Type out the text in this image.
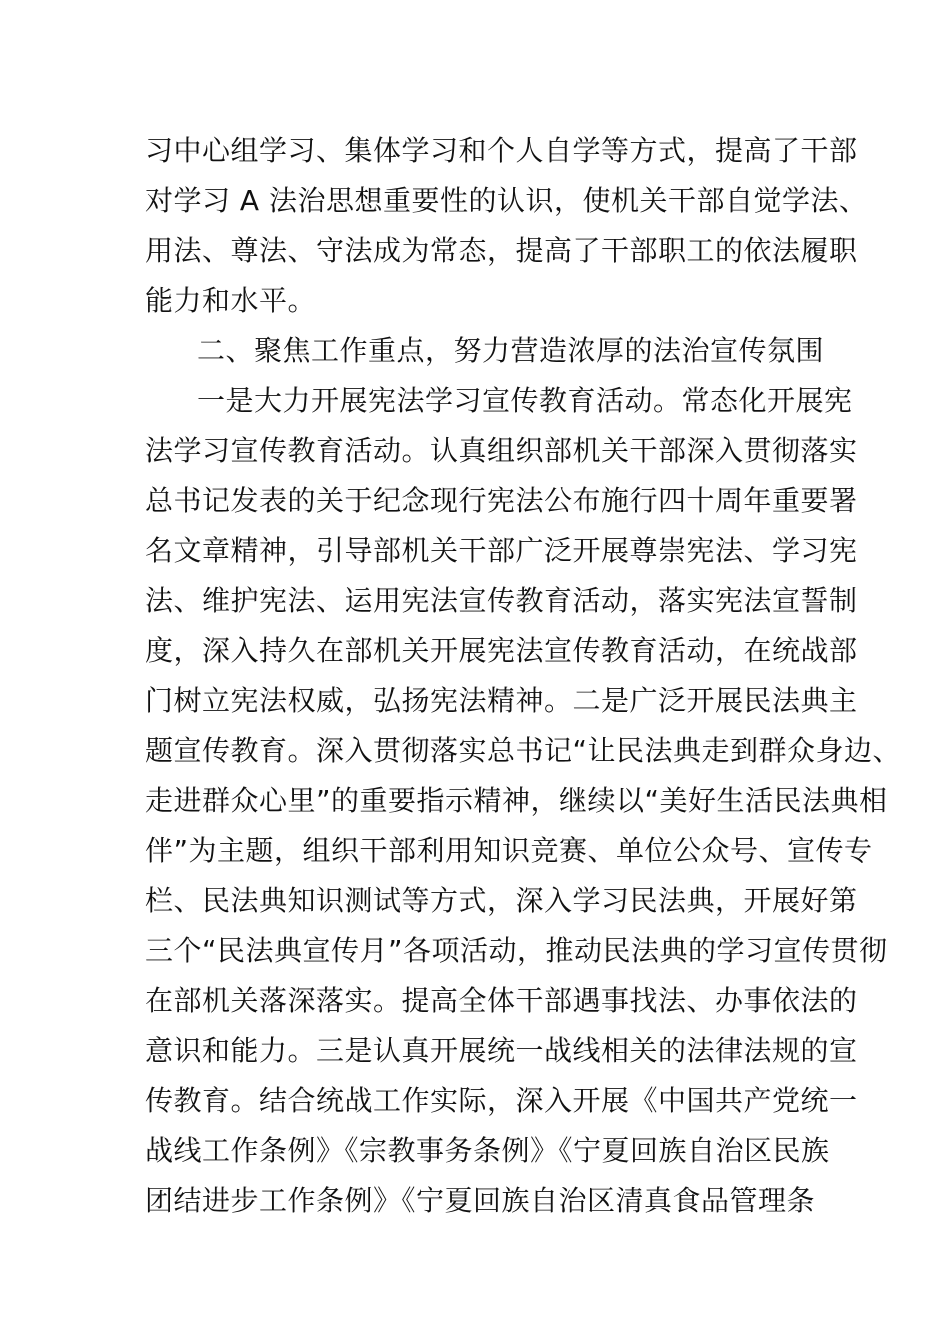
习中心组学习、集体学习和个人自学等方式，提高了干部
对学习 A 法治思想重要性的认识，使机关干部自觉学法、
用法、尊法、守法成为常态，提高了干部职工的依法履职
能力和水平。
二、聚焦工作重点，努力营造浓厚的法治宣传氛围
一是大力开展宪法学习宣传教育活动。常态化开展宪
法学习宣传教育活动。认真组织部机关干部深入贯彻落实
总书记发表的关于纪念现行宪法公布施行四十周年重要署
名文章精神，引导部机关干部广泛开展尊崇宪法、学习宪
法、维护宪法、运用宪法宣传教育活动，落实宪法宣誓制
度，深入持久在部机关开展宪法宣传教育活动，在统战部
门树立宪法权威，弘扬宪法精神。二是广泛开展民法典主
题宣传教育。深入贯彻落实总书记“让民法典走到群众身边、
走进群众心里”的重要指示精神，继续以“美好生活民法典相
伴”为主题，组织干部利用知识竞赛、单位公众号、宣传专
栏、民法典知识测试等方式，深入学习民法典，开展好第
三个“民法典宣传月”各项活动，推动民法典的学习宣传贯彻
在部机关落深落实。提高全体干部遇事找法、办事依法的
意识和能力。三是认真开展统一战线相关的法律法规的宣
传教育。结合统战工作实际，深入开展《中国共产党统一
战线工作条例》《宗教事务条例》《宁夏回族自治区民族
团结进步工作条例》《宁夏回族自治区清真食品管理条
